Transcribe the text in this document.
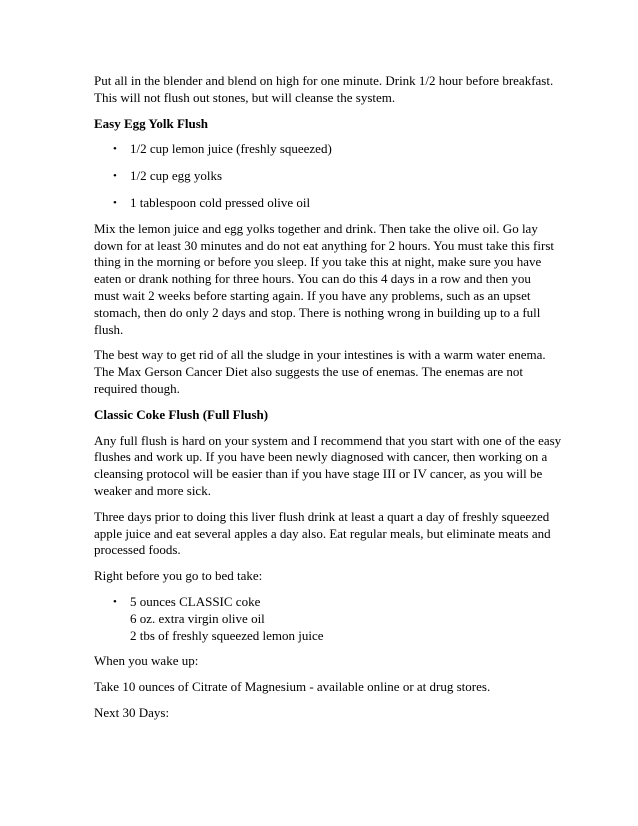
Put all in the blender and blend on high for one minute. Drink 1/2 hour before breakfast.
This will not flush out stones, but will cleanse the system.

Easy Egg Yolk Flush

• 1/2 cup lemon juice (freshly squeezed)
• 1/2 cup egg yolks
• 1 tablespoon cold pressed olive oil

Mix the lemon juice and egg yolks together and drink. Then take the olive oil. Go lay
down for at least 30 minutes and do not eat anything for 2 hours. You must take this first
thing in the morning or before you sleep. If you take this at night, make sure you have
eaten or drank nothing for three hours. You can do this 4 days in a row and then you
must wait 2 weeks before starting again. If you have any problems, such as an upset
stomach, then do only 2 days and stop. There is nothing wrong in building up to a full
flush.

The best way to get rid of all the sludge in your intestines is with a warm water enema.
The Max Gerson Cancer Diet also suggests the use of enemas. The enemas are not
required though.

Classic Coke Flush (Full Flush)

Any full flush is hard on your system and I recommend that you start with one of the easy
flushes and work up. If you have been newly diagnosed with cancer, then working on a
cleansing protocol will be easier than if you have stage III or IV cancer, as you will be
weaker and more sick.

Three days prior to doing this liver flush drink at least a quart a day of freshly squeezed
apple juice and eat several apples a day also. Eat regular meals, but eliminate meats and
processed foods.

Right before you go to bed take:

• 5 ounces CLASSIC coke
6 oz. extra virgin olive oil
2 tbs of freshly squeezed lemon juice

When you wake up:

Take 10 ounces of Citrate of Magnesium - available online or at drug stores.

Next 30 Days:
